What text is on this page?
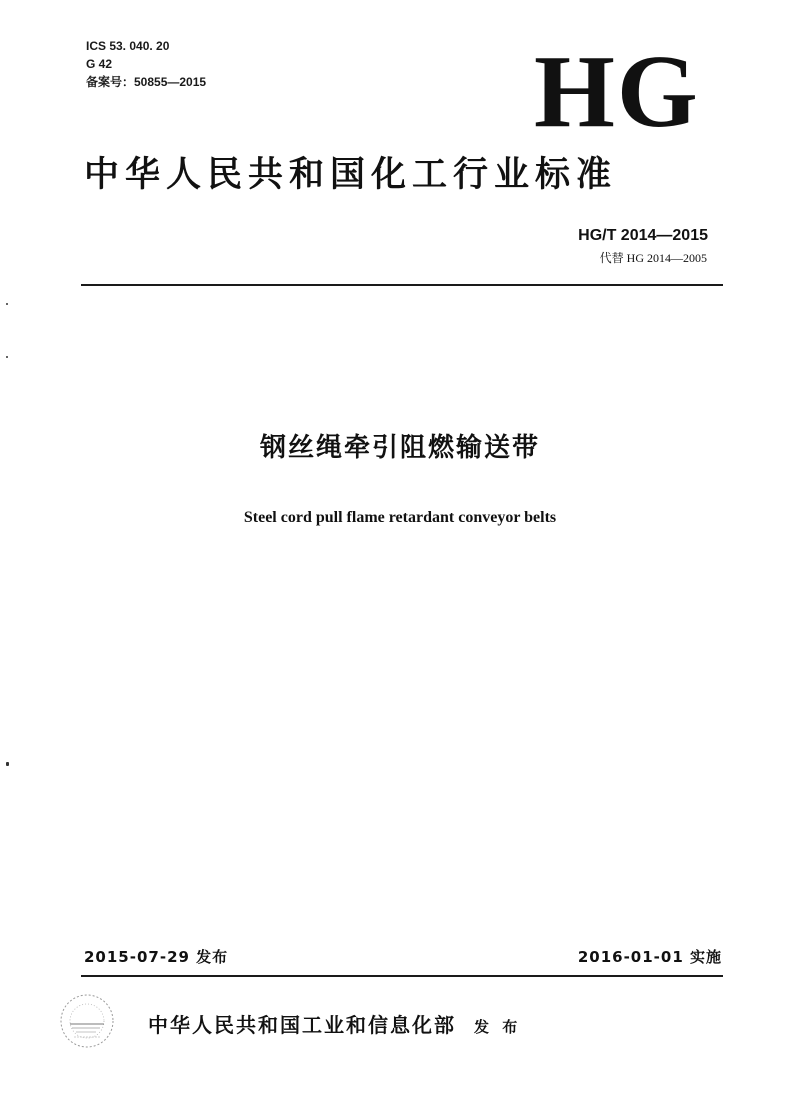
ICS 53. 040. 20
G 42
备案号：50855—2015	HG
中华人民共和国化工行业标准
HG/T 2014—2015
代替 HG 2014—2005
钢丝绳牵引阻燃输送带
Steel cord pull flame retardant conveyor belts
2015-07-29 发布	2016-01-01 实施
中华人民共和国工业和信息化部 发 布
